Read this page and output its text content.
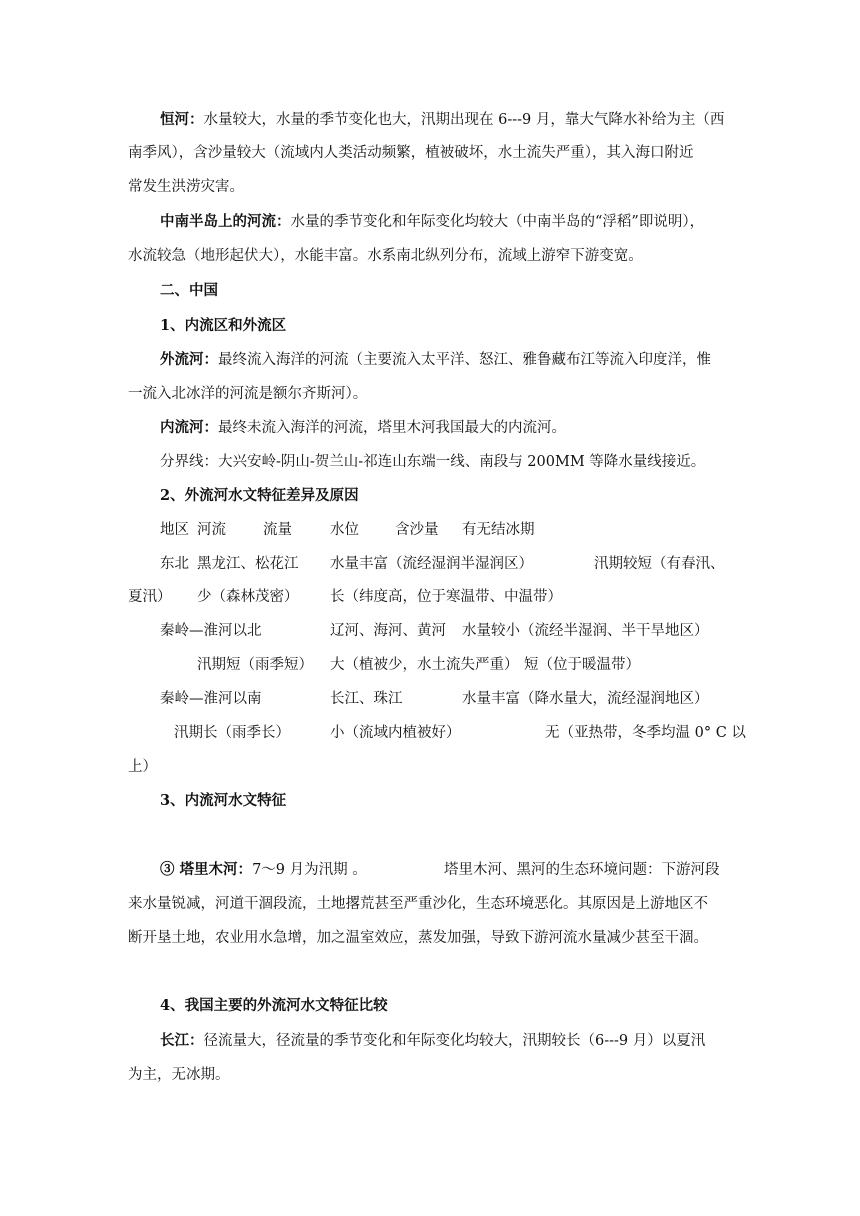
恒河：水量较大，水量的季节变化也大，汛期出现在 6---9 月，靠大气降水补给为主（西
南季风），含沙量较大（流域内人类活动频繁，植被破坏，水土流失严重），其入海口附近
常发生洪涝灾害。
中南半岛上的河流：水量的季节变化和年际变化均较大（中南半岛的“浮稻”即说明），
水流较急（地形起伏大），水能丰富。水系南北纵列分布，流域上游窄下游变宽。
二、中国
1、内流区和外流区
外流河：最终流入海洋的河流（主要流入太平洋、怒江、雅鲁藏布江等流入印度洋，惟
一流入北冰洋的河流是额尔齐斯河）。
内流河：最终未流入海洋的河流，塔里木河我国最大的内流河。
分界线：大兴安岭-阴山-贺兰山-祁连山东端一线、南段与 200MM 等降水量线接近。
2、外流河水文特征差异及原因
地区 河流	流量	水位 含沙量 有无结冰期
东北 黑龙江、松花江 水量丰富（流经湿润半湿润区）	汛期较短（有春汛、
夏汛） 少（森林茂密） 长（纬度高，位于寒温带、中温带）
秦岭—淮河以北	辽河、海河、黄河 水量较小（流经半湿润、半干旱地区）
汛期短（雨季短） 大（植被少，水土流失严重） 短（位于暖温带）
秦岭—淮河以南	长江、珠江	水量丰富（降水量大，流经湿润地区）
汛期长（雨季长）	小（流域内植被好）	无（亚热带，冬季均温 0° C 以
上）
3、内流河水文特征
③ 塔里木河：7～9 月为汛期 。	塔里木河、黑河的生态环境问题：下游河段
来水量锐减，河道干涸段流，土地撂荒甚至严重沙化，生态环境恶化。其原因是上游地区不
断开垦土地，农业用水急增，加之温室效应，蒸发加强，导致下游河流水量减少甚至干涸。
4、我国主要的外流河水文特征比较
长江：径流量大，径流量的季节变化和年际变化均较大，汛期较长（6---9 月）以夏汛
为主，无冰期。
